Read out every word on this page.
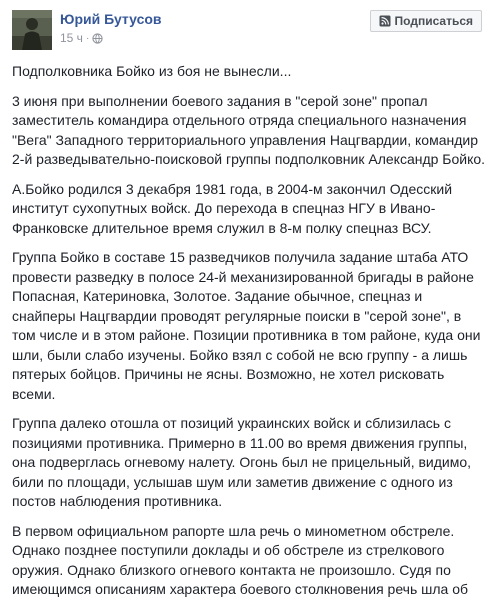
Юрий Бутусов
15 ч ·
Подписаться

Подполковника Бойко из боя не вынесли...

3 июня при выполнении боевого задания в "серой зоне" пропал заместитель командира отдельного отряда специального назначения "Вега" Западного территориального управления Нацгвардии, командир 2-й разведывательно-поисковой группы подполковник Александр Бойко.

А.Бойко родился 3 декабря 1981 года, в 2004-м закончил Одесский институт сухопутных войск. До перехода в спецназ НГУ в Ивано-Франковске длительное время служил в 8-м полку спецназ ВСУ.

Группа Бойко в составе 15 разведчиков получила задание штаба АТО провести разведку в полосе 24-й механизированной бригады в районе Попасная, Катериновка, Золотое. Задание обычное, спецназ и снайперы Нацгвардии проводят регулярные поиски в "серой зоне", в том числе и в этом районе. Позиции противника в том районе, куда они шли, были слабо изучены. Бойко взял с собой не всю группу - а лишь пятерых бойцов. Причины не ясны. Возможно, не хотел рисковать всеми.

Группа далеко отошла от позиций украинских войск и сблизилась с позициями противника. Примерно в 11.00 во время движения группы, она подверглась огневому налету. Огонь был не прицельный, видимо, били по площади, услышав шум или заметив движение с одного из постов наблюдения противника.

В первом официальном рапорте шла речь о минометном обстреле. Однако позднее поступили доклады и об обстреле из стрелкового оружия. Однако близкого огневого контакта не произошло. Судя по имеющимся описаниям характера боевого столкновения речь шла об
